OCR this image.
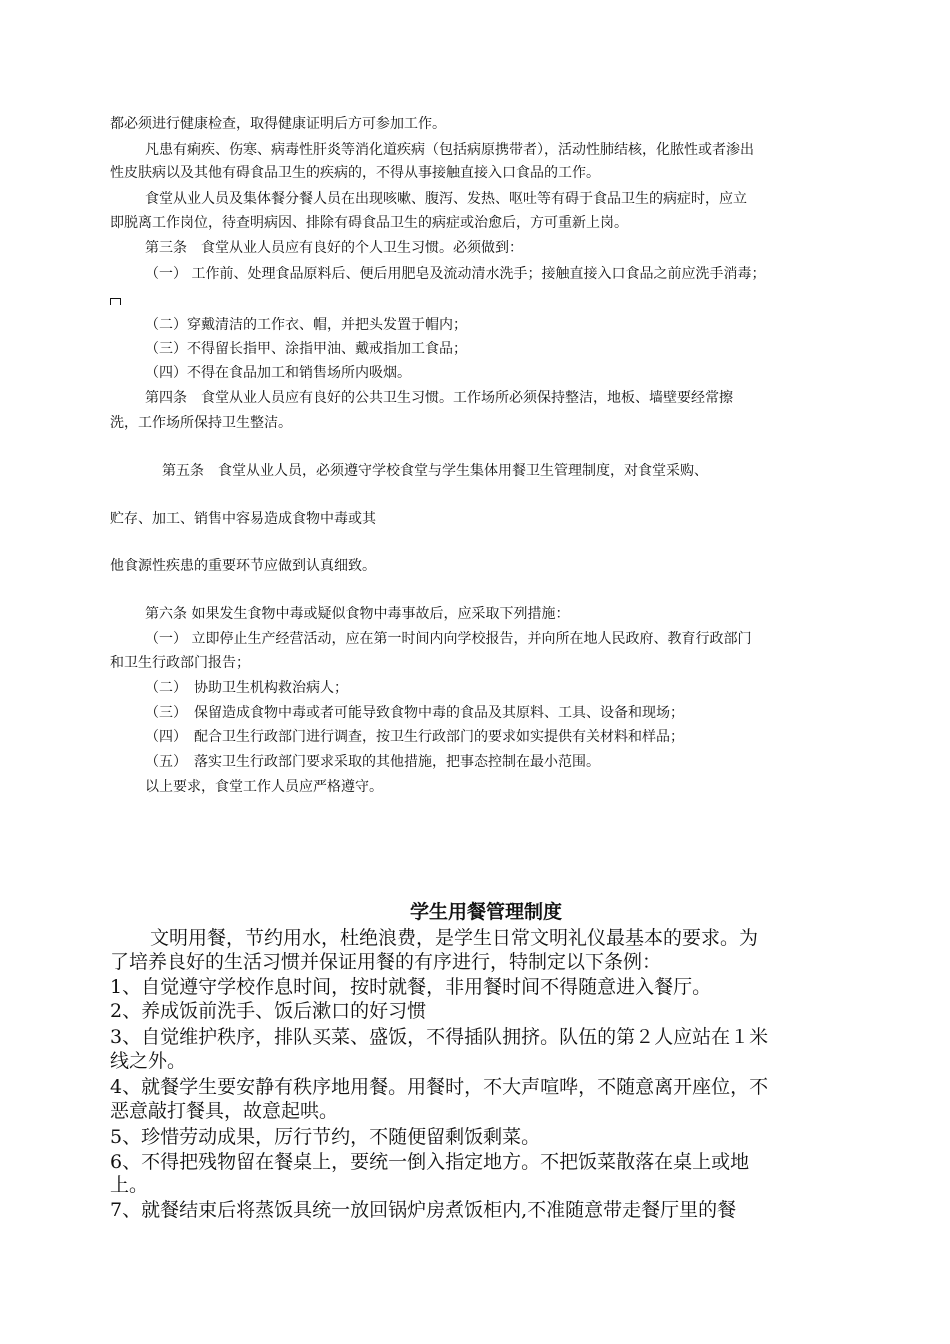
都必须进行健康检查，取得健康证明后方可参加工作。
凡患有痢疾、伤寒、病毒性肝炎等消化道疾病（包括病原携带者），活动性肺结核，化脓性或者渗出
性皮肤病以及其他有碍食品卫生的疾病的，不得从事接触直接入口食品的工作。
食堂从业人员及集体餐分餐人员在出现咳嗽、腹泻、发热、呕吐等有碍于食品卫生的病症时，应立
即脱离工作岗位，待查明病因、排除有碍食品卫生的病症或治愈后，方可重新上岗。
第三条　食堂从业人员应有良好的个人卫生习惯。必须做到：
（一） 工作前、处理食品原料后、便后用肥皂及流动清水洗手；接触直接入口食品之前应洗手消毒；
（二）穿戴清洁的工作衣、帽，并把头发置于帽内；
（三）不得留长指甲、涂指甲油、戴戒指加工食品；
（四）不得在食品加工和销售场所内吸烟。
第四条　食堂从业人员应有良好的公共卫生习惯。工作场所必须保持整洁，地板、墙壁要经常擦
洗，工作场所保持卫生整洁。
第五条　食堂从业人员，必须遵守学校食堂与学生集体用餐卫生管理制度，对食堂采购、
贮存、加工、销售中容易造成食物中毒或其
他食源性疾患的重要环节应做到认真细致。
第六条 如果发生食物中毒或疑似食物中毒事故后，应采取下列措施：
（一） 立即停止生产经营活动，应在第一时间内向学校报告，并向所在地人民政府、教育行政部门
和卫生行政部门报告；
（二）　协助卫生机构救治病人；
（三）　保留造成食物中毒或者可能导致食物中毒的食品及其原料、工具、设备和现场；
（四）　配合卫生行政部门进行调查，按卫生行政部门的要求如实提供有关材料和样品；
（五）　落实卫生行政部门要求采取的其他措施，把事态控制在最小范围。
以上要求，食堂工作人员应严格遵守。
学生用餐管理制度
文明用餐，节约用水，杜绝浪费，是学生日常文明礼仪最基本的要求。为
了培养良好的生活习惯并保证用餐的有序进行，特制定以下条例：
1、自觉遵守学校作息时间，按时就餐，非用餐时间不得随意进入餐厅。
2、养成饭前洗手、饭后漱口的好习惯
3、自觉维护秩序，排队买菜、盛饭，不得插队拥挤。队伍的第２人应站在１米
线之外。
4、就餐学生要安静有秩序地用餐。用餐时，不大声喧哗，不随意离开座位，不
恶意敲打餐具，故意起哄。
5、珍惜劳动成果，厉行节约，不随便留剩饭剩菜。
6、不得把残物留在餐桌上，要统一倒入指定地方。不把饭菜散落在桌上或地
上。
7、就餐结束后将蒸饭具统一放回锅炉房煮饭柜内,不准随意带走餐厅里的餐
